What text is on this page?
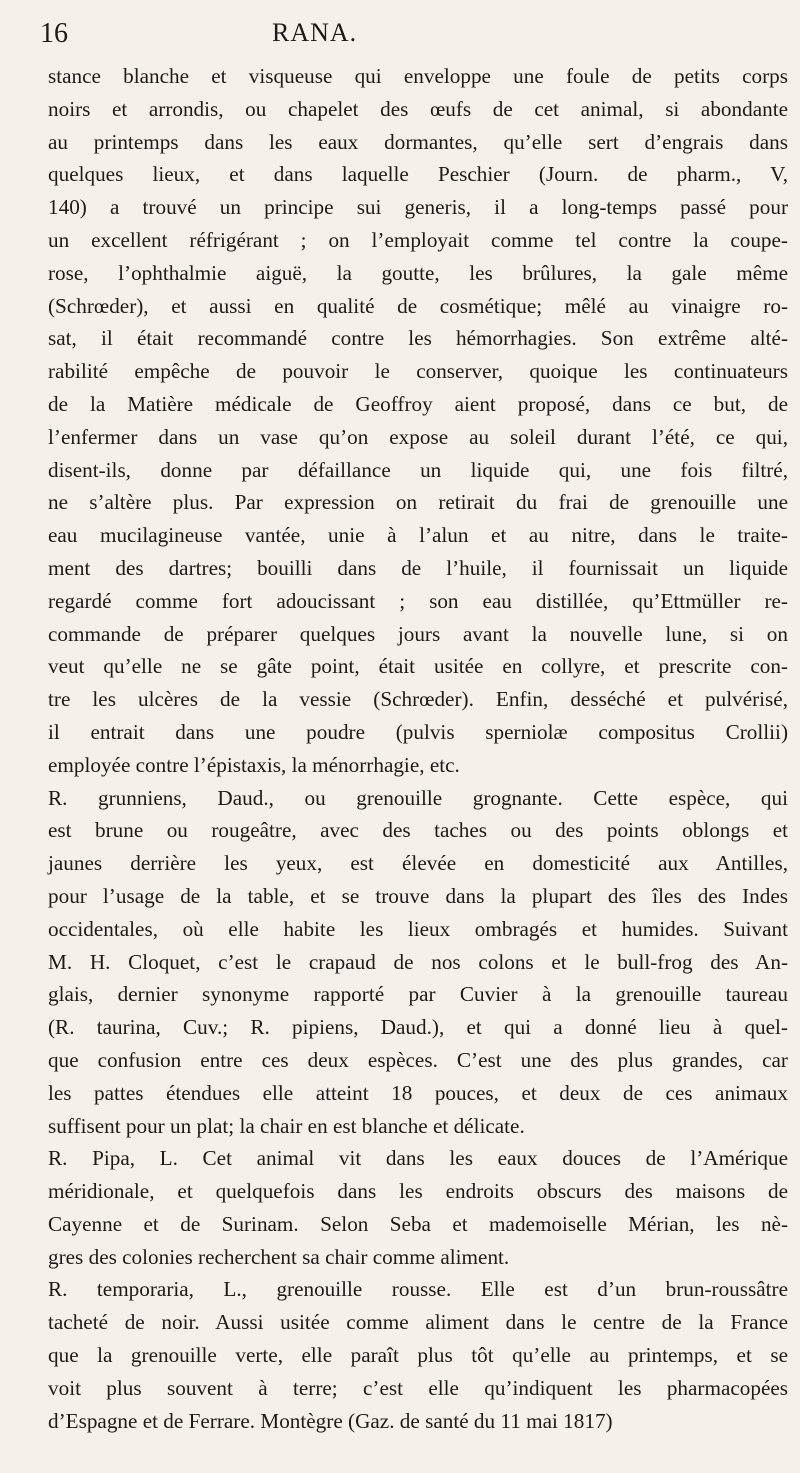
16	RANA.
stance blanche et visqueuse qui enveloppe une foule de petits corps
noirs et arrondis, ou chapelet des œufs de cet animal, si abondante
au printemps dans les eaux dormantes, qu’elle sert d’engrais dans
quelques lieux, et dans laquelle Peschier (Journ. de pharm., V,
140) a trouvé un principe sui generis, il a long-temps passé pour
un excellent réfrigérant ; on l’employait comme tel contre la coupe-
rose, l’ophthalmie aiguë, la goutte, les brûlures, la gale même
(Schrœder), et aussi en qualité de cosmétique; mêlé au vinaigre ro-
sat, il était recommandé contre les hémorrhagies. Son extrême alté-
rabilité empêche de pouvoir le conserver, quoique les continuateurs
de la Matière médicale de Geoffroy aient proposé, dans ce but, de
l’enfermer dans un vase qu’on expose au soleil durant l’été, ce qui,
disent-ils, donne par défaillance un liquide qui, une fois filtré,
ne s’altère plus. Par expression on retirait du frai de grenouille une
eau mucilagineuse vantée, unie à l’alun et au nitre, dans le traite-
ment des dartres; bouilli dans de l’huile, il fournissait un liquide
regardé comme fort adoucissant ; son eau distillée, qu’Ettmüller re-
commande de préparer quelques jours avant la nouvelle lune, si on
veut qu’elle ne se gâte point, était usitée en collyre, et prescrite con-
tre les ulcères de la vessie (Schrœder). Enfin, desséché et pulvérisé,
il entrait dans une poudre (pulvis sperniolæ compositus Crollii)
employée contre l’épistaxis, la ménorrhagie, etc.
R. grunniens, Daud., ou grenouille grognante. Cette espèce, qui
est brune ou rougeâtre, avec des taches ou des points oblongs et
jaunes derrière les yeux, est élevée en domesticité aux Antilles,
pour l’usage de la table, et se trouve dans la plupart des îles des Indes
occidentales, où elle habite les lieux ombragés et humides. Suivant
M. H. Cloquet, c’est le crapaud de nos colons et le bull-frog des An-
glais, dernier synonyme rapporté par Cuvier à la grenouille taureau
(R. taurina, Cuv.; R. pipiens, Daud.), et qui a donné lieu à quel-
que confusion entre ces deux espèces. C’est une des plus grandes, car
les pattes étendues elle atteint 18 pouces, et deux de ces animaux
suffisent pour un plat; la chair en est blanche et délicate.
R. Pipa, L. Cet animal vit dans les eaux douces de l’Amérique
méridionale, et quelquefois dans les endroits obscurs des maisons de
Cayenne et de Surinam. Selon Seba et mademoiselle Mérian, les nè-
gres des colonies recherchent sa chair comme aliment.
R. temporaria, L., grenouille rousse. Elle est d’un brun-roussâtre
tacheté de noir. Aussi usitée comme aliment dans le centre de la France
que la grenouille verte, elle paraît plus tôt qu’elle au printemps, et se
voit plus souvent à terre; c’est elle qu’indiquent les pharmacopées
d’Espagne et de Ferrare. Montègre (Gaz. de santé du 11 mai 1817)
